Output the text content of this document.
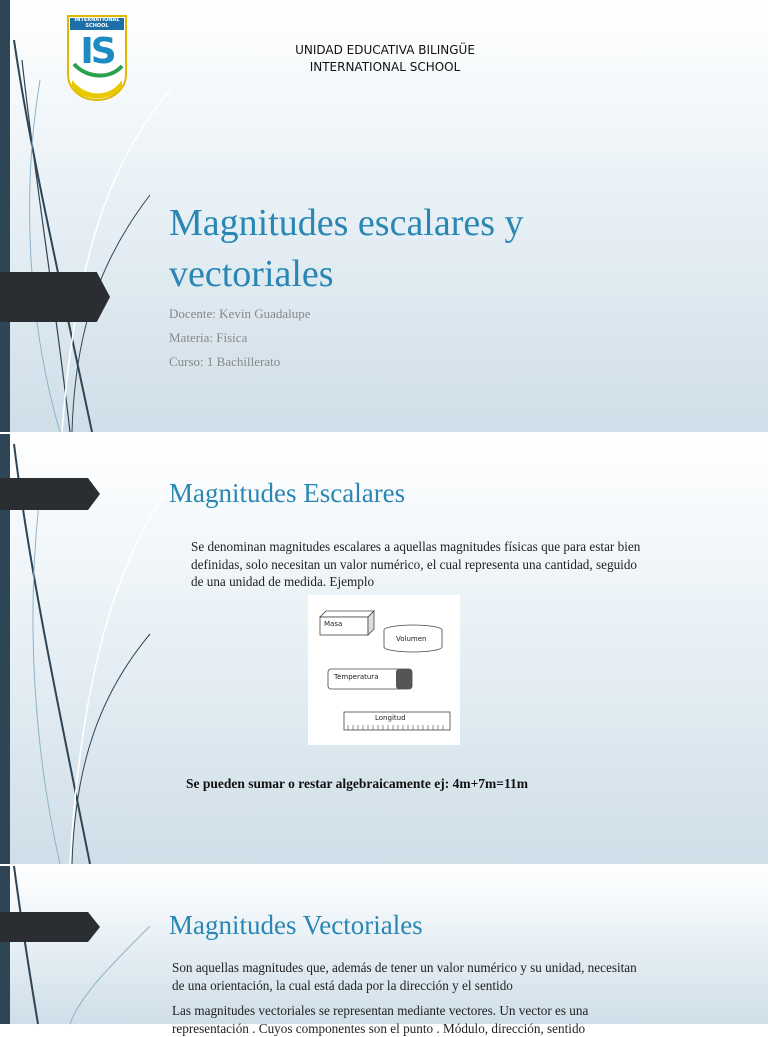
INTERNATIONAL SCHOOL
IS	UNIDAD EDUCATIVA BILINGÜE
INTERNATIONAL SCHOOL
Magnitudes escalares y
vectoriales
Docente: Kevin Guadalupe
Materia: Física
Curso: 1 Bachillerato
Magnitudes Escalares
Se denominan magnitudes escalares a aquellas magnitudes físicas que para estar bien
definidas, solo necesitan un valor numérico, el cual representa una cantidad, seguido
de una unidad de medida. Ejemplo
Masa
Volumen
Temperatura
Longitud
Se pueden sumar o restar algebraicamente ej: 4m+7m=11m
Magnitudes Vectoriales
Son aquellas magnitudes que, además de tener un valor numérico y su unidad, necesitan
de una orientación, la cual está dada por la dirección y el sentido
Las magnitudes vectoriales se representan mediante vectores. Un vector es una
representación . Cuyos componentes son el punto . Módulo, dirección, sentido
